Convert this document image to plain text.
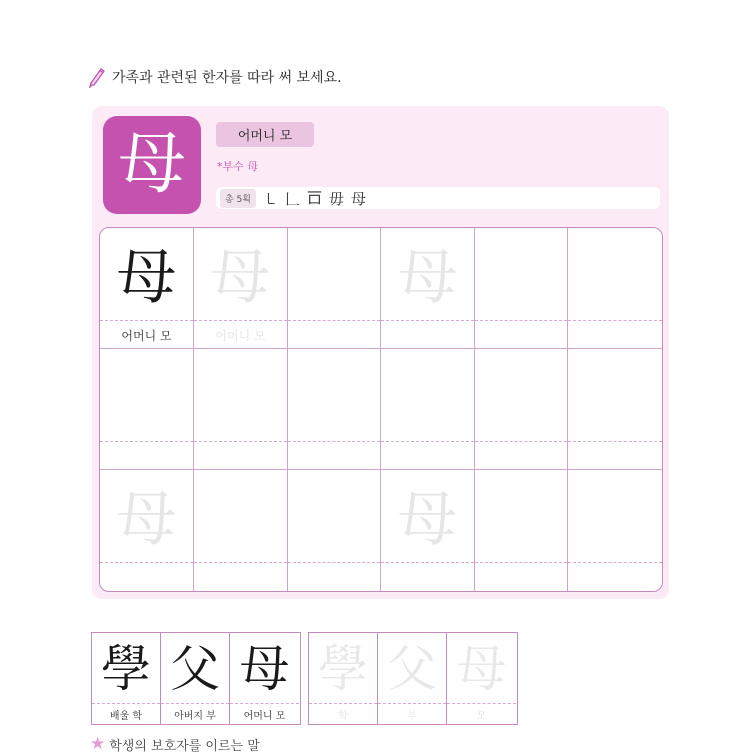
가족과 관련된 한자를 따라 써 보세요.
母	어머니 모
*부수 母
총 5획 ㇄ 𠃊 𠮛 毋 母
母
어머니 모
母
어머니 모
母
母	母
學
배울 학
父
아버지 부
母
어머니 모
學
학
父
부
母
모
★ 학생의 보호자를 이르는 말
